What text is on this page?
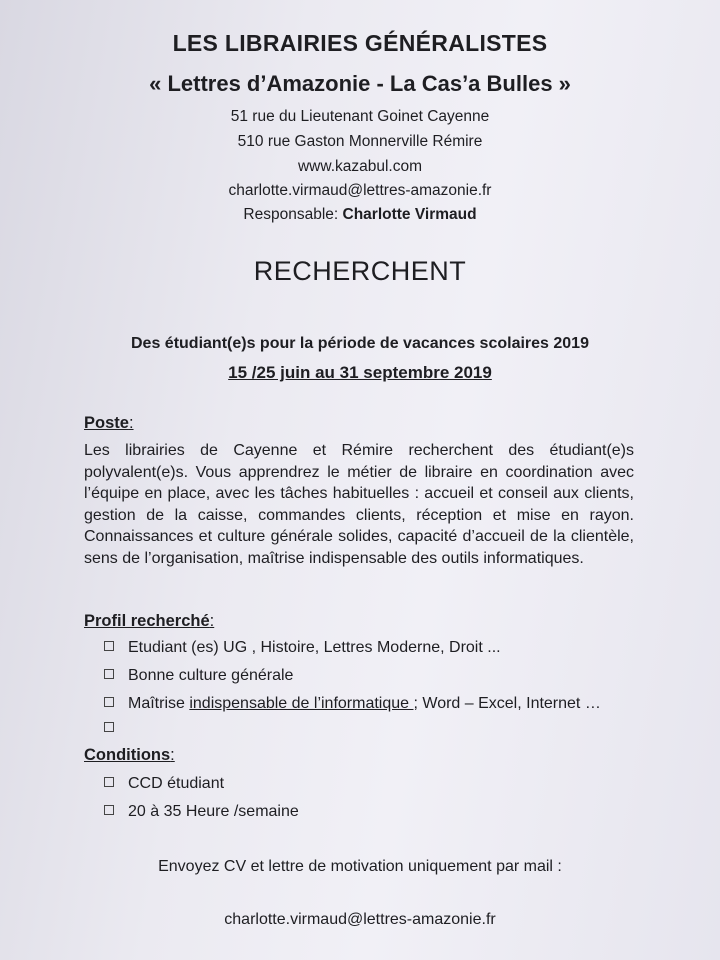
LES LIBRAIRIES GÉNÉRALISTES
« Lettres d’Amazonie - La Cas’a Bulles »
51 rue du Lieutenant Goinet Cayenne
510 rue Gaston Monnerville Rémire
www.kazabul.com
charlotte.virmaud@lettres-amazonie.fr
Responsable: Charlotte Virmaud
RECHERCHENT
Des étudiant(e)s pour la période de vacances scolaires 2019
15 /25 juin au 31 septembre 2019
Poste:
Les librairies de Cayenne et Rémire recherchent des étudiant(e)s polyvalent(e)s. Vous apprendrez le métier de libraire en coordination avec l’équipe en place, avec les tâches habituelles : accueil et conseil aux clients, gestion de la caisse, commandes clients, réception et mise en rayon. Connaissances et culture générale solides, capacité d’accueil de la clientèle, sens de l’organisation, maîtrise indispensable des outils informatiques.
Profil recherché:
Etudiant (es) UG , Histoire, Lettres Moderne, Droit ...
Bonne culture générale
Maîtrise indispensable de l’informatique ; Word – Excel, Internet …
Conditions:
CCD étudiant
20 à 35 Heure /semaine
Envoyez CV et lettre de motivation uniquement par mail :
charlotte.virmaud@lettres-amazonie.fr
